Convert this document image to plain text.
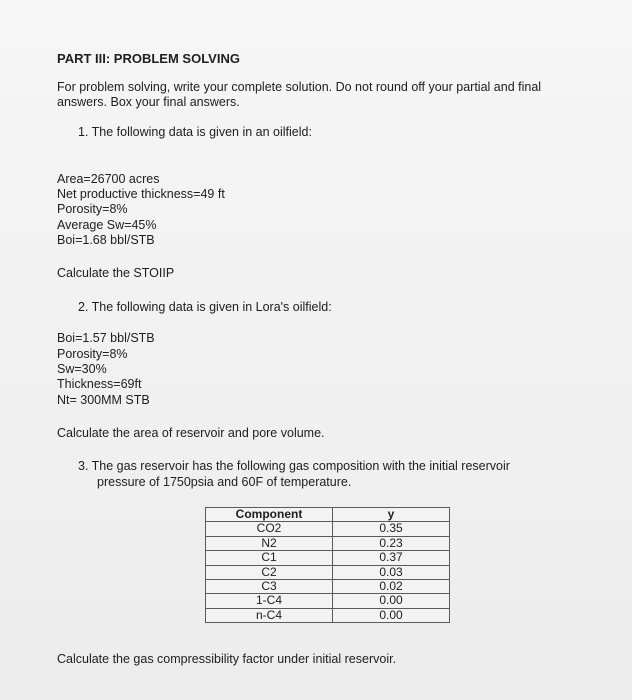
PART III: PROBLEM SOLVING
For problem solving, write your complete solution. Do not round off your partial and final
answers. Box your final answers.
1. The following data is given in an oilfield:
Area=26700 acres
Net productive thickness=49 ft
Porosity=8%
Average Sw=45%
Boi=1.68 bbl/STB
Calculate the STOIIP
2. The following data is given in Lora's oilfield:
Boi=1.57 bbl/STB
Porosity=8%
Sw=30%
Thickness=69ft
Nt= 300MM STB
Calculate the area of reservoir and pore volume.
3. The gas reservoir has the following gas composition with the initial reservoir
pressure of 1750psia and 60F of temperature.
Component	y
CO2	0.35
N2	0.23
C1	0.37
C2	0.03
C3	0.02
1-C4	0.00
n-C4	0.00
Calculate the gas compressibility factor under initial reservoir.
